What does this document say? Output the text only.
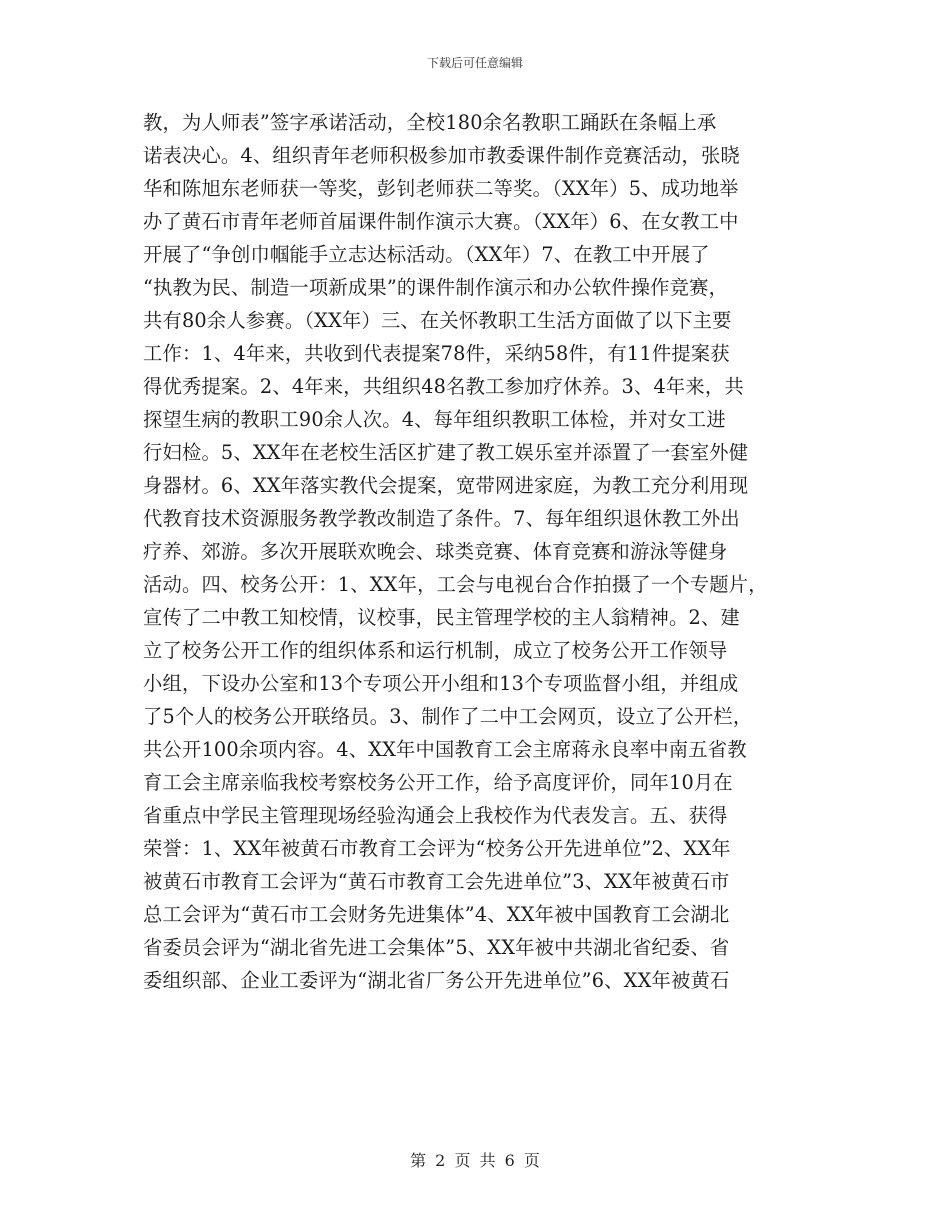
下载后可任意编辑
教，为人师表”签字承诺活动，全校180余名教职工踊跃在条幅上承
诺表决心。4、组织青年老师积极参加市教委课件制作竞赛活动，张晓
华和陈旭东老师获一等奖，彭钊老师获二等奖。（XX年）5、成功地举
办了黄石市青年老师首届课件制作演示大赛。（XX年）6、在女教工中
开展了“争创巾帼能手立志达标活动。（XX年）7、在教工中开展了
“执教为民、制造一项新成果”的课件制作演示和办公软件操作竞赛，
共有80余人参赛。（XX年）三、在关怀教职工生活方面做了以下主要
工作：1、4年来，共收到代表提案78件，采纳58件，有11件提案获
得优秀提案。2、4年来，共组织48名教工参加疗休养。3、4年来，共
探望生病的教职工90余人次。4、每年组织教职工体检，并对女工进
行妇检。5、XX年在老校生活区扩建了教工娱乐室并添置了一套室外健
身器材。6、XX年落实教代会提案，宽带网进家庭，为教工充分利用现
代教育技术资源服务教学教改制造了条件。7、每年组织退休教工外出
疗养、郊游。多次开展联欢晚会、球类竞赛、体育竞赛和游泳等健身
活动。四、校务公开：1、XX年，工会与电视台合作拍摄了一个专题片，
宣传了二中教工知校情，议校事，民主管理学校的主人翁精神。2、建
立了校务公开工作的组织体系和运行机制，成立了校务公开工作领导
小组，下设办公室和13个专项公开小组和13个专项监督小组，并组成
了5个人的校务公开联络员。3、制作了二中工会网页，设立了公开栏，
共公开100余项内容。4、XX年中国教育工会主席蒋永良率中南五省教
育工会主席亲临我校考察校务公开工作，给予高度评价，同年10月在
省重点中学民主管理现场经验沟通会上我校作为代表发言。五、获得
荣誉：1、XX年被黄石市教育工会评为“校务公开先进单位”2、XX年
被黄石市教育工会评为“黄石市教育工会先进单位”3、XX年被黄石市
总工会评为“黄石市工会财务先进集体”4、XX年被中国教育工会湖北
省委员会评为“湖北省先进工会集体”5、XX年被中共湖北省纪委、省
委组织部、企业工委评为“湖北省厂务公开先进单位”6、XX年被黄石
第 2 页 共 6 页
